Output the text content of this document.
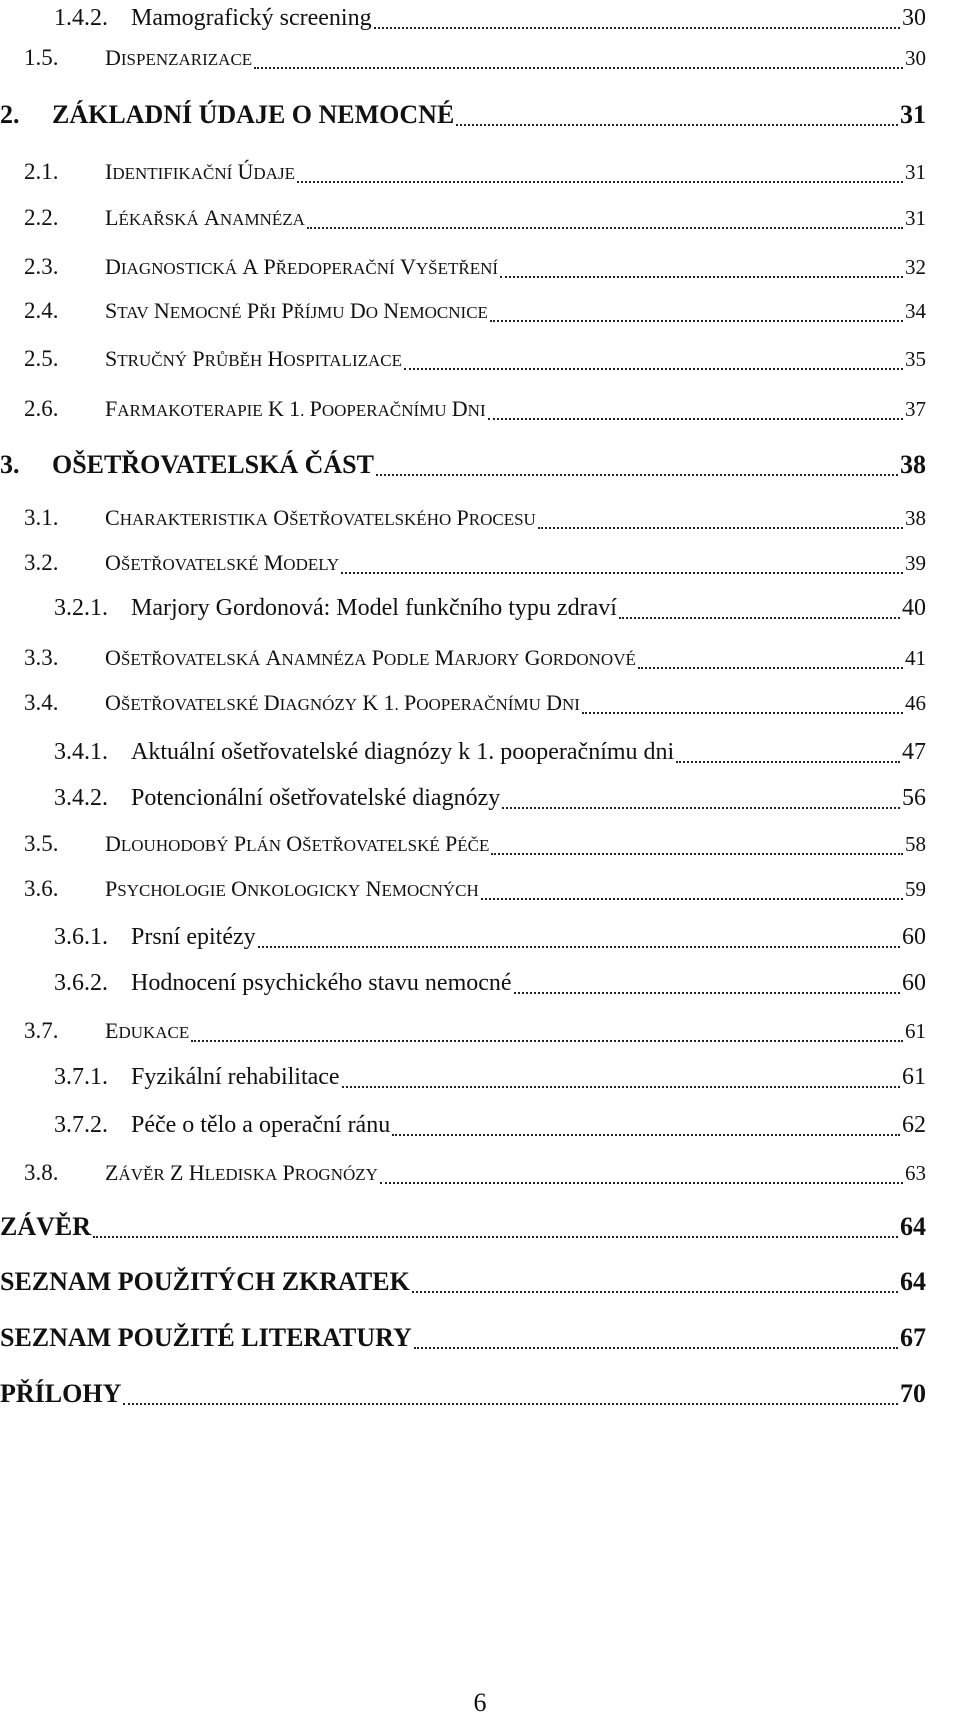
1.4.2. Mamografický screening	30
1.5. DISPENZARIZACE	30
2. ZÁKLADNÍ ÚDAJE O NEMOCNÉ	31
2.1. IDENTIFIKAČNÍ ÚDAJE	31
2.2. LÉKAŘSKÁ ANAMNÉZA	31
2.3. DIAGNOSTICKÁ A PŘEDOPERAČNÍ VYŠETŘENÍ	32
2.4. STAV NEMOCNÉ PŘI PŘÍJMU DO NEMOCNICE	34
2.5. STRUČNÝ PRŮBĚH HOSPITALIZACE	35
2.6. FARMAKOTERAPIE K 1. POOPERAČNÍMU DNI	37
3. OŠETŘOVATELSKÁ ČÁST	38
3.1. CHARAKTERISTIKA OŠETŘOVATELSKÉHO PROCESU	38
3.2. OŠETŘOVATELSKÉ MODELY	39
3.2.1. Marjory Gordonová: Model funkčního typu zdraví	40
3.3. OŠETŘOVATELSKÁ ANAMNÉZA PODLE MARJORY GORDONOVÉ	41
3.4. OŠETŘOVATELSKÉ DIAGNÓZY K 1. POOPERAČNÍMU DNI	46
3.4.1. Aktuální ošetřovatelské diagnózy k 1. pooperačnímu dni	47
3.4.2. Potencionální ošetřovatelské diagnózy	56
3.5. DLOUHODOBÝ PLÁN OŠETŘOVATELSKÉ PÉČE	58
3.6. PSYCHOLOGIE ONKOLOGICKY NEMOCNÝCH	59
3.6.1. Prsní epitézy	60
3.6.2. Hodnocení psychického stavu nemocné	60
3.7. EDUKACE	61
3.7.1. Fyzikální rehabilitace	61
3.7.2. Péče o tělo a operační ránu	62
3.8. ZÁVĚR Z HLEDISKA PROGNÓZY	63
ZÁVĚR	64
SEZNAM POUŽITÝCH ZKRATEK	64
SEZNAM POUŽITÉ LITERATURY	67
PŘÍLOHY	70
6
